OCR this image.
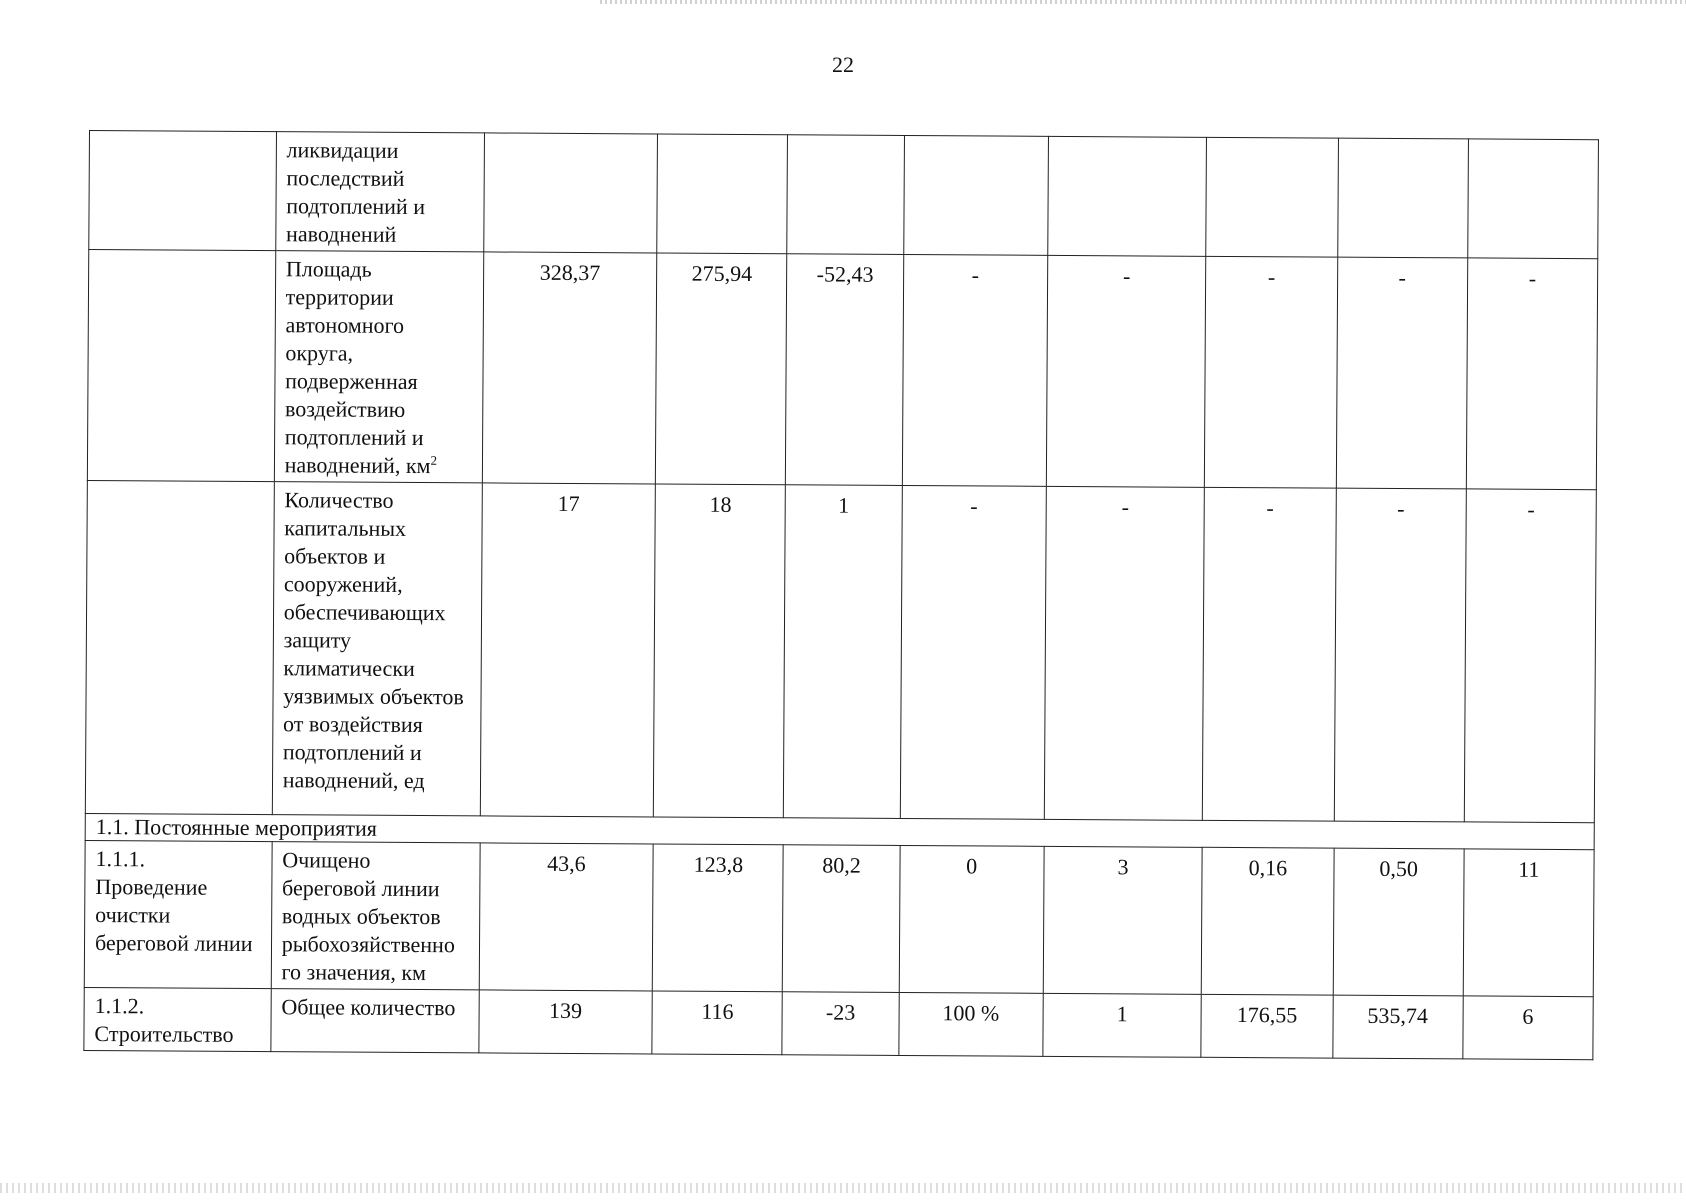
22
	ликвидации последствий подтоплений и наводнений								
	Площадь территории автономного округа, подверженная воздействию подтоплений и наводнений, $км^2$	328,37	275,94	-52,43	-	-	-	-	-
	Количество капитальных объектов и сооружений, обеспечивающих защиту климатически уязвимых объектов от воздействия подтоплений и наводнений, ед	17	18	1	-	-	-	-	-
1.1. Постоянные мероприятия									
1.1.1. Проведение очистки береговой линии	Очищено береговой линии водных объектов рыбохозяйственно го значения, км	43,6	123,8	80,2	0	3	0,16	0,50	11
1.1.2. Строительство	Общее количество	139	116	-23	100 %	1	176,55	535,74	6
